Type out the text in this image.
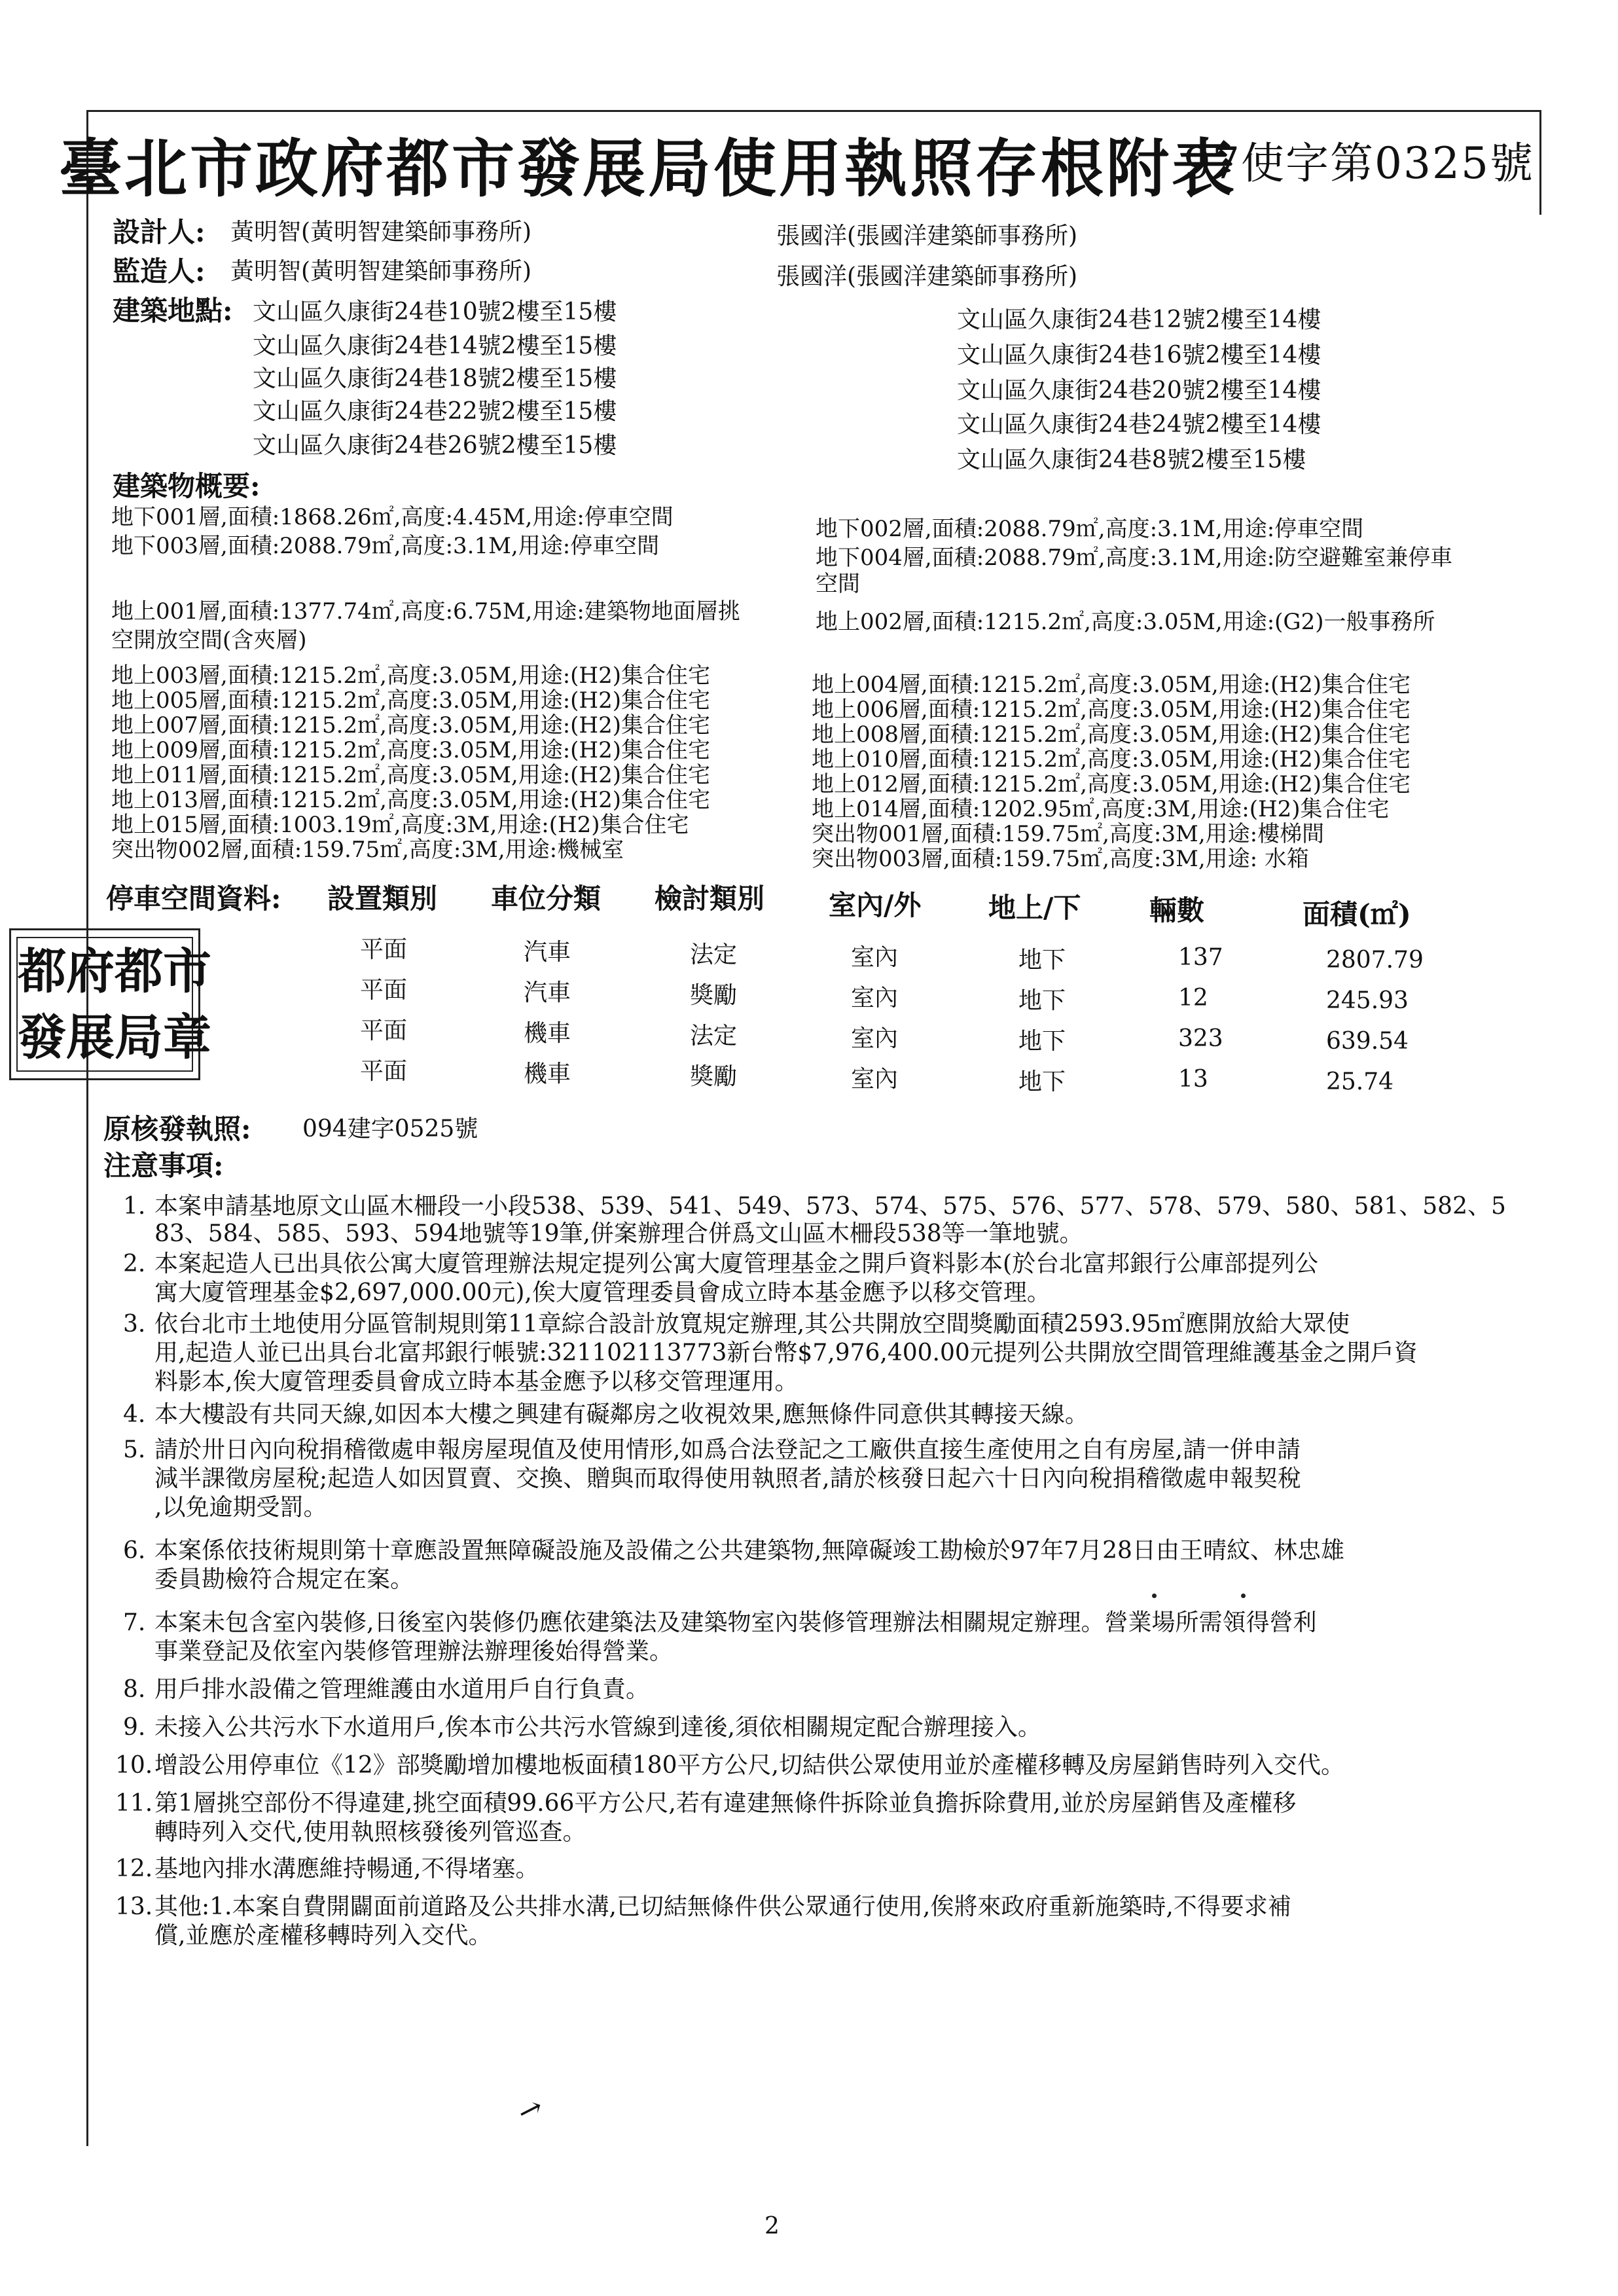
臺北市政府都市發展局使用執照存根附表
97使字第0325號
設計人: 黃明智(黃明智建築師事務所)	張國洋(張國洋建築師事務所)
監造人: 黃明智(黃明智建築師事務所)	張國洋(張國洋建築師事務所)
建築地點: 文山區久康街24巷10號2樓至15樓
文山區久康街24巷14號2樓至15樓
文山區久康街24巷18號2樓至15樓
文山區久康街24巷22號2樓至15樓
文山區久康街24巷26號2樓至15樓
文山區久康街24巷12號2樓至14樓
文山區久康街24巷16號2樓至14樓
文山區久康街24巷20號2樓至14樓
文山區久康街24巷24號2樓至14樓
文山區久康街24巷8號2樓至15樓
建築物概要:
地下001層,面積:1868.26㎡,高度:4.45M,用途:停車空間
地下003層,面積:2088.79㎡,高度:3.1M,用途:停車空間
地下002層,面積:2088.79㎡,高度:3.1M,用途:停車空間
地下004層,面積:2088.79㎡,高度:3.1M,用途:防空避難室兼停車
空間
地上001層,面積:1377.74㎡,高度:6.75M,用途:建築物地面層挑
空開放空間(含夾層)
地上002層,面積:1215.2㎡,高度:3.05M,用途:(G2)一般事務所
地上003層,面積:1215.2㎡,高度:3.05M,用途:(H2)集合住宅
地上005層,面積:1215.2㎡,高度:3.05M,用途:(H2)集合住宅
地上007層,面積:1215.2㎡,高度:3.05M,用途:(H2)集合住宅
地上009層,面積:1215.2㎡,高度:3.05M,用途:(H2)集合住宅
地上011層,面積:1215.2㎡,高度:3.05M,用途:(H2)集合住宅
地上013層,面積:1215.2㎡,高度:3.05M,用途:(H2)集合住宅
地上015層,面積:1003.19㎡,高度:3M,用途:(H2)集合住宅
突出物002層,面積:159.75㎡,高度:3M,用途:機械室
地上004層,面積:1215.2㎡,高度:3.05M,用途:(H2)集合住宅
地上006層,面積:1215.2㎡,高度:3.05M,用途:(H2)集合住宅
地上008層,面積:1215.2㎡,高度:3.05M,用途:(H2)集合住宅
地上010層,面積:1215.2㎡,高度:3.05M,用途:(H2)集合住宅
地上012層,面積:1215.2㎡,高度:3.05M,用途:(H2)集合住宅
地上014層,面積:1202.95㎡,高度:3M,用途:(H2)集合住宅
突出物001層,面積:159.75㎡,高度:3M,用途:樓梯間
突出物003層,面積:159.75㎡,高度:3M,用途: 水箱
停車空間資料: 設置類別 車位分類 檢討類別 室內/外 地上/下 輛數	面積(㎡)
平面	汽車	法定	室內	地下	137	2807.79
平面	汽車	獎勵	室內	地下	12	245.93
平面	機車	法定	室內	地下	323	639.54
平面	機車	獎勵	室內	地下	13	25.74
都 府 都 市
發 展 局 章
原核發執照: 094建字0525號
注意事項:
1. 本案申請基地原文山區木柵段一小段538、539、541、549、573、574、575、576、577、578、579、580、581、582、5
83、584、585、593、594地號等19筆,併案辦理合併爲文山區木柵段538等一筆地號。
2. 本案起造人已出具依公寓大廈管理辦法規定提列公寓大廈管理基金之開戶資料影本(於台北富邦銀行公庫部提列公
寓大廈管理基金$2,697,000.00元),俟大廈管理委員會成立時本基金應予以移交管理。
3. 依台北市土地使用分區管制規則第11章綜合設計放寬規定辦理,其公共開放空間獎勵面積2593.95㎡應開放給大眾使
用,起造人並已出具台北富邦銀行帳號:321102113773新台幣$7,976,400.00元提列公共開放空間管理維護基金之開戶資
料影本,俟大廈管理委員會成立時本基金應予以移交管理運用。
4. 本大樓設有共同天線,如因本大樓之興建有礙鄰房之收視效果,應無條件同意供其轉接天線。
5. 請於卅日內向稅捐稽徵處申報房屋現值及使用情形,如爲合法登記之工廠供直接生產使用之自有房屋,請一併申請
減半課徵房屋稅;起造人如因買賣、交換、贈與而取得使用執照者,請於核發日起六十日內向稅捐稽徵處申報契稅
,以免逾期受罰。
6. 本案係依技術規則第十章應設置無障礙設施及設備之公共建築物,無障礙竣工勘檢於97年7月28日由王晴紋、林忠雄
委員勘檢符合規定在案。
7. 本案未包含室內裝修,日後室內裝修仍應依建築法及建築物室內裝修管理辦法相關規定辦理。營業場所需領得營利
事業登記及依室內裝修管理辦法辦理後始得營業。
8. 用戶排水設備之管理維護由水道用戶自行負責。
9. 未接入公共污水下水道用戶,俟本市公共污水管線到達後,須依相關規定配合辦理接入。
10. 增設公用停車位《12》部獎勵增加樓地板面積180平方公尺,切結供公眾使用並於產權移轉及房屋銷售時列入交代。
11. 第1層挑空部份不得違建,挑空面積99.66平方公尺,若有違建無條件拆除並負擔拆除費用,並於房屋銷售及產權移
轉時列入交代,使用執照核發後列管巡查。
12. 基地內排水溝應維持暢通,不得堵塞。
13. 其他:1.本案自費開闢面前道路及公共排水溝,已切結無條件供公眾通行使用,俟將來政府重新施築時,不得要求補
償,並應於產權移轉時列入交代。
↗
2
